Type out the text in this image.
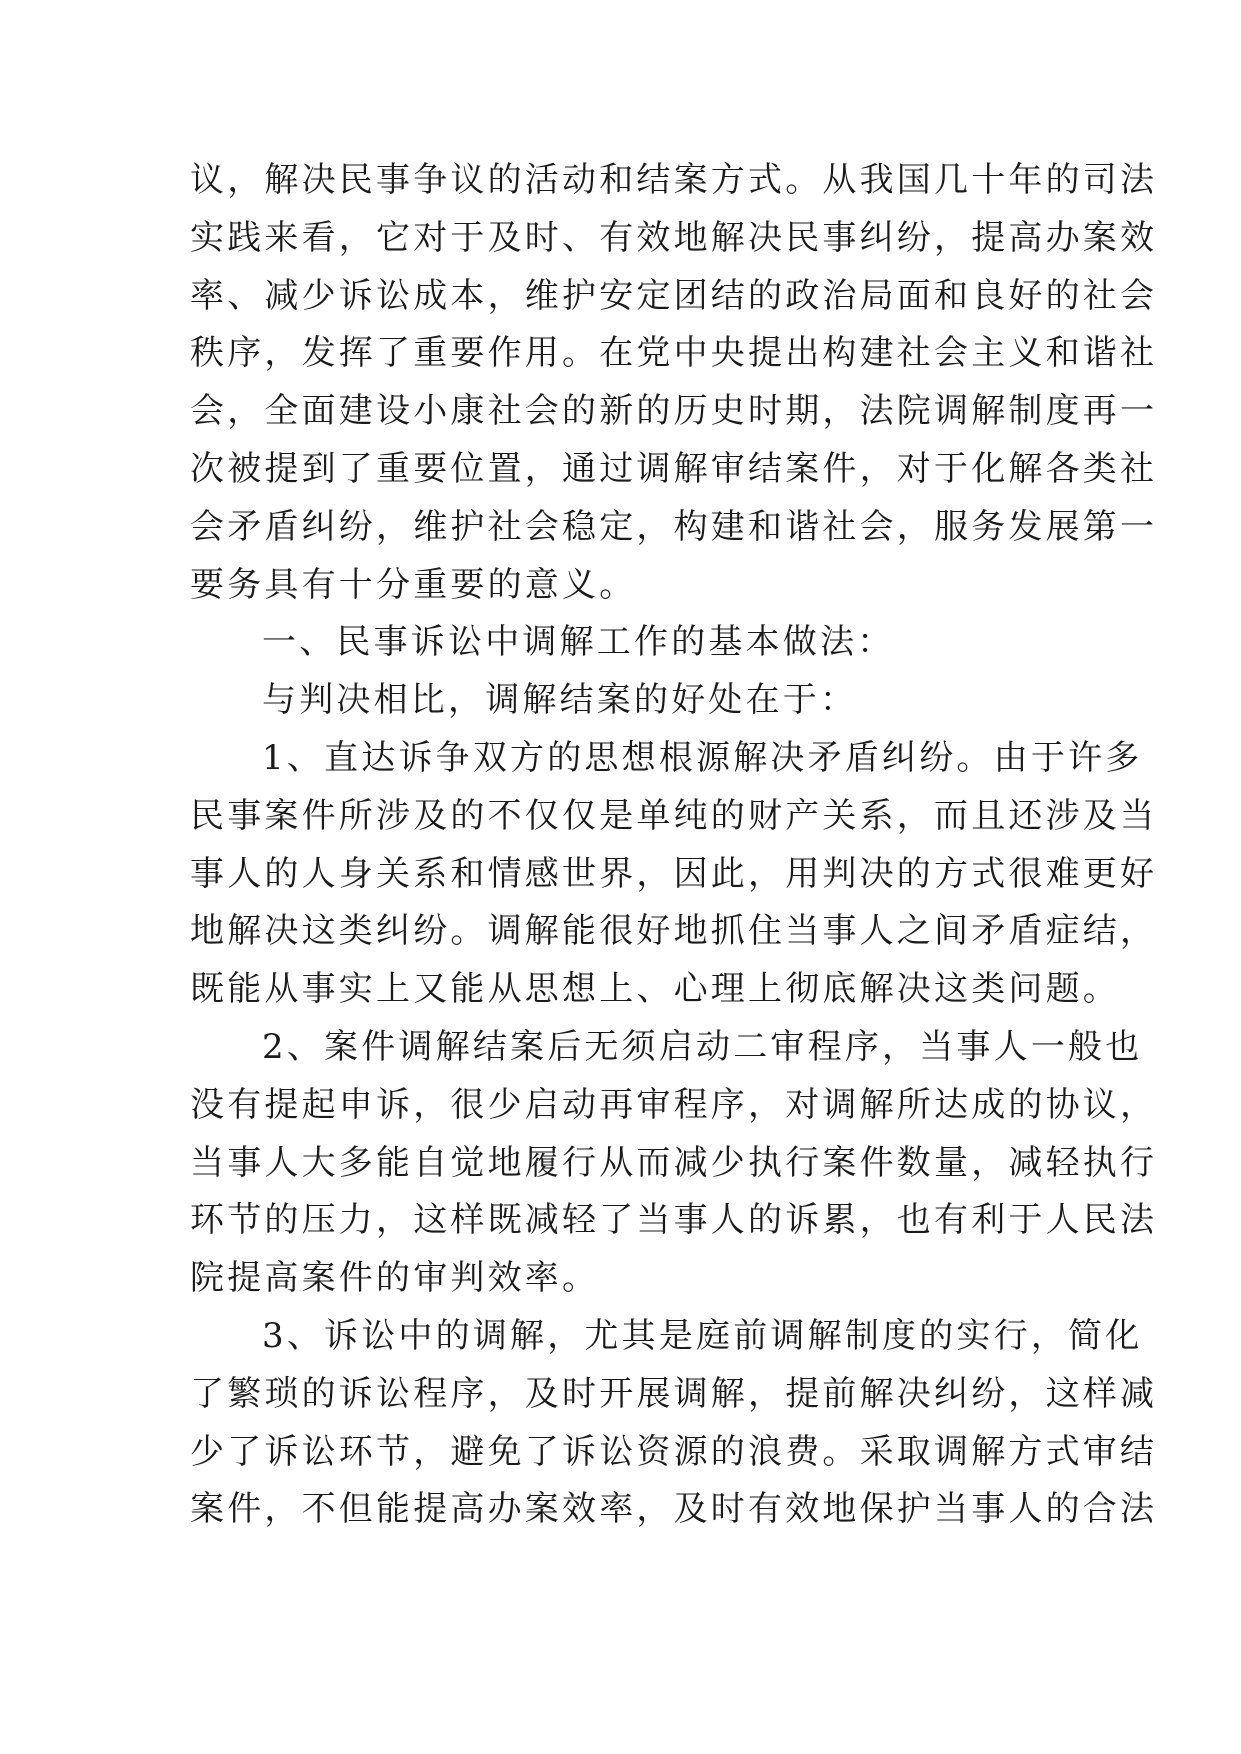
议，解决民事争议的活动和结案方式。从我国几十年的司法
实践来看，它对于及时、有效地解决民事纠纷，提高办案效
率、减少诉讼成本，维护安定团结的政治局面和良好的社会
秩序，发挥了重要作用。在党中央提出构建社会主义和谐社
会，全面建设小康社会的新的历史时期，法院调解制度再一
次被提到了重要位置，通过调解审结案件，对于化解各类社
会矛盾纠纷，维护社会稳定，构建和谐社会，服务发展第一
要务具有十分重要的意义。
一、民事诉讼中调解工作的基本做法：
与判决相比，调解结案的好处在于：
1、直达诉争双方的思想根源解决矛盾纠纷。由于许多
民事案件所涉及的不仅仅是单纯的财产关系，而且还涉及当
事人的人身关系和情感世界，因此，用判决的方式很难更好
地解决这类纠纷。调解能很好地抓住当事人之间矛盾症结，
既能从事实上又能从思想上、心理上彻底解决这类问题。
2、案件调解结案后无须启动二审程序，当事人一般也
没有提起申诉，很少启动再审程序，对调解所达成的协议，
当事人大多能自觉地履行从而减少执行案件数量，减轻执行
环节的压力，这样既减轻了当事人的诉累，也有利于人民法
院提高案件的审判效率。
3、诉讼中的调解，尤其是庭前调解制度的实行，简化
了繁琐的诉讼程序，及时开展调解，提前解决纠纷，这样减
少了诉讼环节，避免了诉讼资源的浪费。采取调解方式审结
案件，不但能提高办案效率，及时有效地保护当事人的合法
